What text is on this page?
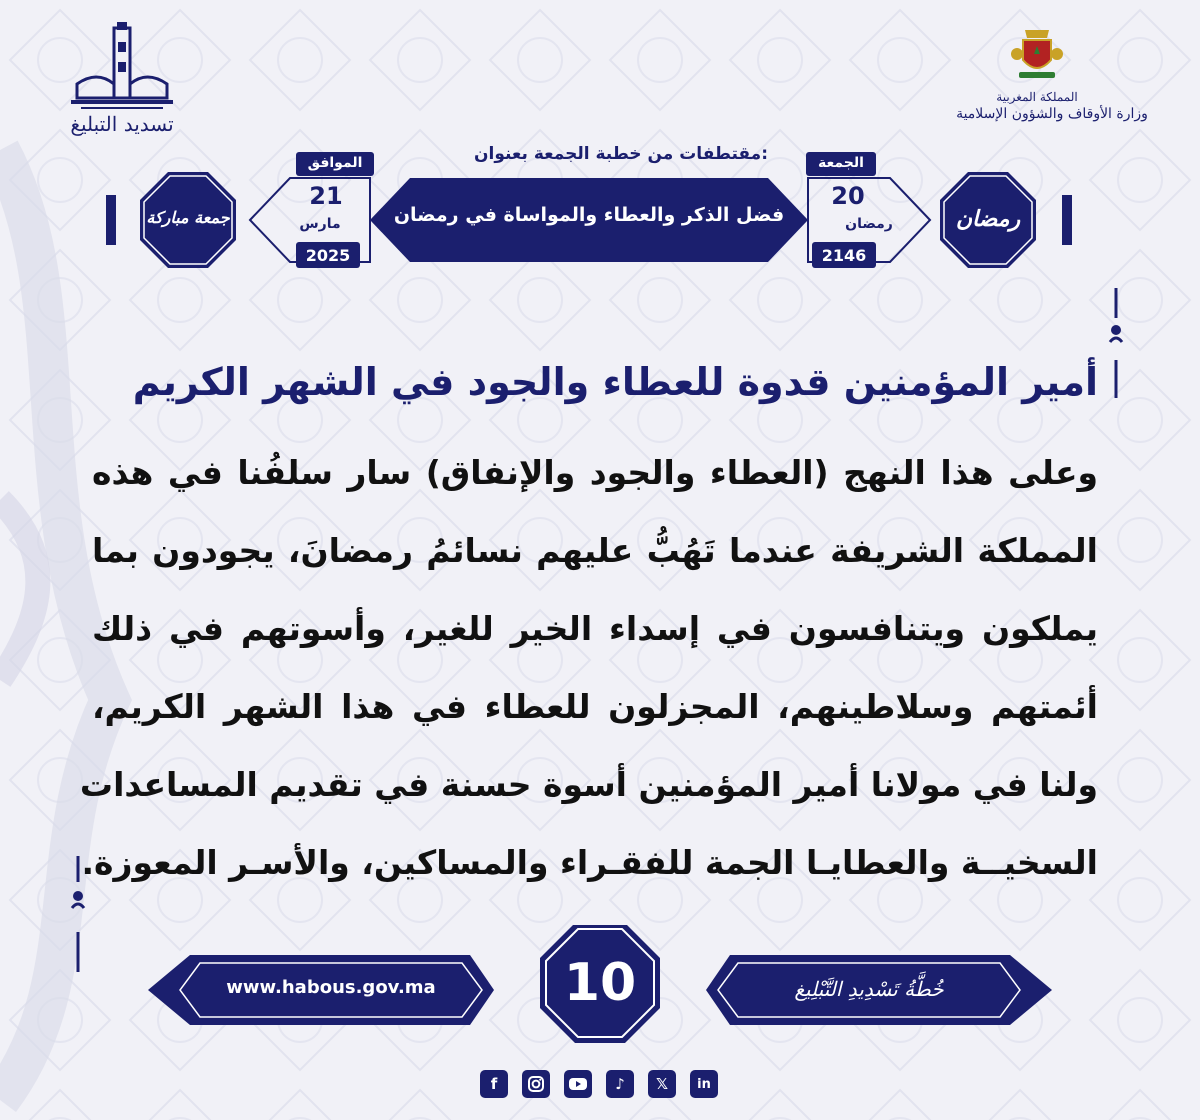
تسديد التبليغ
المملكة المغربية
وزارة الأوقاف والشؤون الإسلامية
مقتطفات من خطبة الجمعة بعنوان:
فضل الذكر والعطاء والمواساة في رمضان
الموافق
21
مارس
2025
الجمعة
20
رمضان
2146
رمضان
جمعة مباركة
أمير المؤمنين قدوة للعطاء والجود في الشهر الكريم
وعلى هذا النهج (العطاء والجود والإنفاق) سار سلفُنا في هذه
المملكة الشريفة عندما تَهُبُّ عليهم نسائمُ رمضانَ، يجودون بما
يملكون ويتنافسون في إسداء الخير للغير، وأسوتهم في ذلك
أئمتهم وسلاطينهم، المجزلون للعطاء في هذا الشهر الكريم،
ولنا في مولانا أمير المؤمنين أسوة حسنة في تقديم المساعدات
السخيــة والعطايـا الجمة للفقـراء والمساكين، والأسـر المعوزة.
www.habous.gov.ma	10	خُطَّةُ تَسْدِيدِ التَّبْلِيغ
f	♪	𝕏	in
